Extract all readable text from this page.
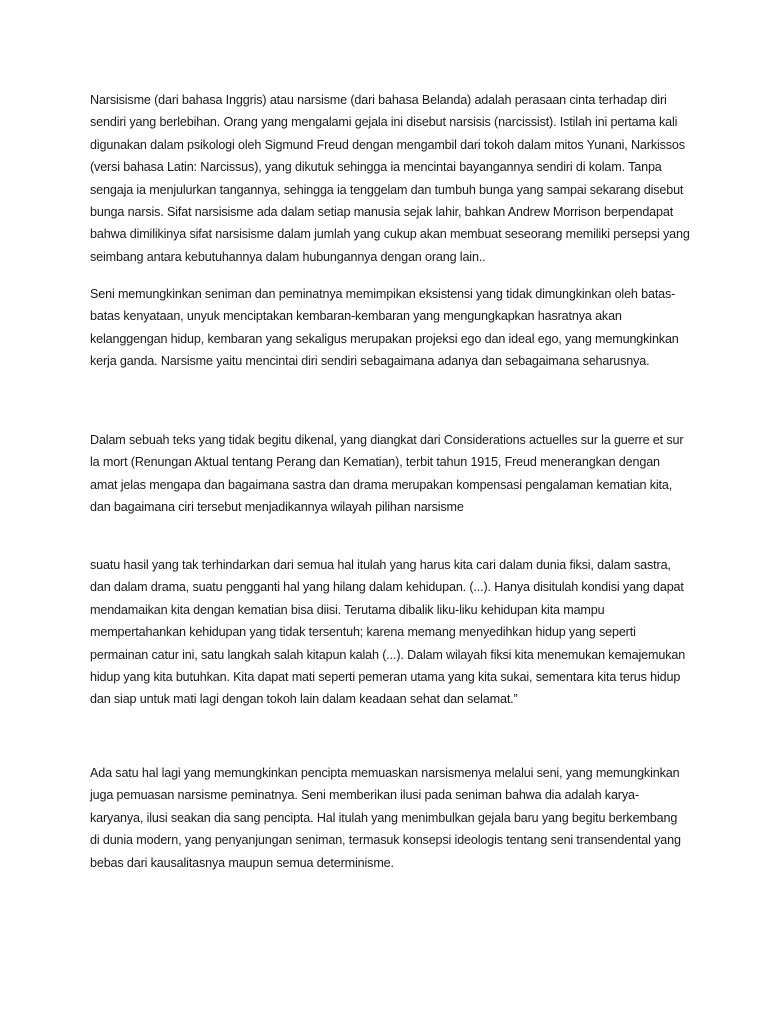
Narsisisme (dari bahasa Inggris) atau narsisme (dari bahasa Belanda) adalah perasaan cinta terhadap diri sendiri yang berlebihan. Orang yang mengalami gejala ini disebut narsisis (narcissist). Istilah ini pertama kali digunakan dalam psikologi oleh Sigmund Freud dengan mengambil dari tokoh dalam mitos Yunani, Narkissos (versi bahasa Latin: Narcissus), yang dikutuk sehingga ia mencintai bayangannya sendiri di kolam. Tanpa sengaja ia menjulurkan tangannya, sehingga ia tenggelam dan tumbuh bunga yang sampai sekarang disebut bunga narsis. Sifat narsisisme ada dalam setiap manusia sejak lahir, bahkan Andrew Morrison berpendapat bahwa dimilikinya sifat narsisisme dalam jumlah yang cukup akan membuat seseorang memiliki persepsi yang seimbang antara kebutuhannya dalam hubungannya dengan orang lain..

Seni memungkinkan seniman dan peminatnya memimpikan eksistensi yang tidak dimungkinkan oleh batas-batas kenyataan, unyuk menciptakan kembaran-kembaran yang mengungkapkan hasratnya akan kelanggengan hidup, kembaran yang sekaligus merupakan projeksi ego dan ideal ego, yang memungkinkan kerja ganda. Narsisme yaitu mencintai diri sendiri sebagaimana adanya dan sebagaimana seharusnya.

Dalam sebuah teks yang tidak begitu dikenal, yang diangkat dari Considerations actuelles sur la guerre et sur la mort (Renungan Aktual tentang Perang dan Kematian), terbit tahun 1915, Freud menerangkan dengan amat jelas mengapa dan bagaimana sastra dan drama merupakan kompensasi pengalaman kematian kita, dan bagaimana ciri tersebut menjadikannya wilayah pilihan narsisme

suatu hasil yang tak terhindarkan dari semua hal itulah yang harus kita cari dalam dunia fiksi, dalam sastra, dan dalam drama, suatu pengganti hal yang hilang dalam kehidupan. (...). Hanya disitulah kondisi yang dapat mendamaikan kita dengan kematian bisa diisi. Terutama dibalik liku-liku kehidupan kita mampu mempertahankan kehidupan yang tidak tersentuh; karena memang menyedihkan hidup yang seperti permainan catur ini, satu langkah salah kitapun kalah (...). Dalam wilayah fiksi kita menemukan kemajemukan hidup yang kita butuhkan. Kita dapat mati seperti pemeran utama yang kita sukai, sementara kita terus hidup dan siap untuk mati lagi dengan tokoh lain dalam keadaan sehat dan selamat.”

Ada satu hal lagi yang memungkinkan pencipta memuaskan narsismenya melalui seni, yang memungkinkan juga pemuasan narsisme peminatnya. Seni memberikan ilusi pada seniman bahwa dia adalah karya-karyanya, ilusi seakan dia sang pencipta. Hal itulah yang menimbulkan gejala baru yang begitu berkembang di dunia modern, yang penyanjungan seniman, termasuk konsepsi ideologis tentang seni transendental yang bebas dari kausalitasnya maupun semua determinisme.
